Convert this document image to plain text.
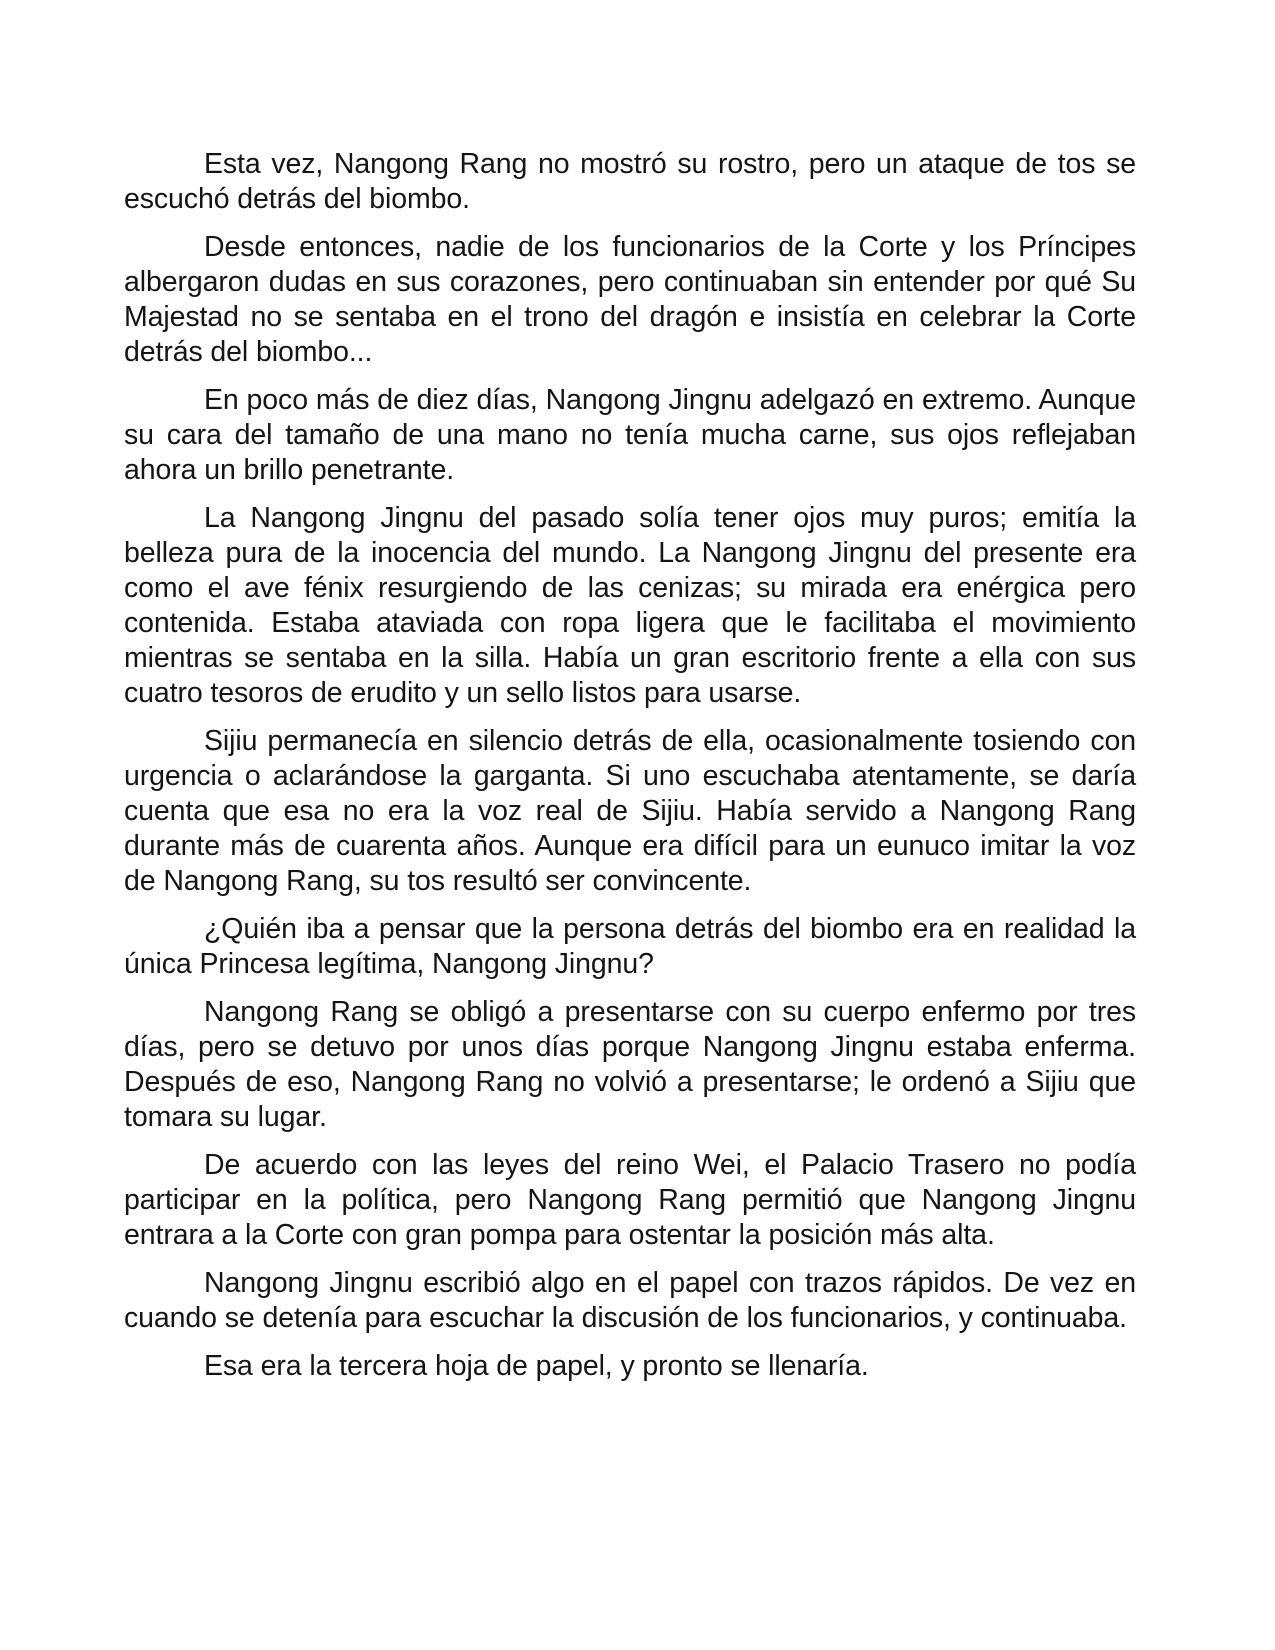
Esta vez, Nangong Rang no mostró su rostro, pero un ataque de tos se escuchó detrás del biombo.

Desde entonces, nadie de los funcionarios de la Corte y los Príncipes albergaron dudas en sus corazones, pero continuaban sin entender por qué Su Majestad no se sentaba en el trono del dragón e insistía en celebrar la Corte detrás del biombo...

En poco más de diez días, Nangong Jingnu adelgazó en extremo. Aunque su cara del tamaño de una mano no tenía mucha carne, sus ojos reflejaban ahora un brillo penetrante.

La Nangong Jingnu del pasado solía tener ojos muy puros; emitía la belleza pura de la inocencia del mundo. La Nangong Jingnu del presente era como el ave fénix resurgiendo de las cenizas; su mirada era enérgica pero contenida. Estaba ataviada con ropa ligera que le facilitaba el movimiento mientras se sentaba en la silla. Había un gran escritorio frente a ella con sus cuatro tesoros de erudito y un sello listos para usarse.

Sijiu permanecía en silencio detrás de ella, ocasionalmente tosiendo con urgencia o aclarándose la garganta. Si uno escuchaba atentamente, se daría cuenta que esa no era la voz real de Sijiu. Había servido a Nangong Rang durante más de cuarenta años. Aunque era difícil para un eunuco imitar la voz de Nangong Rang, su tos resultó ser convincente.

¿Quién iba a pensar que la persona detrás del biombo era en realidad la única Princesa legítima, Nangong Jingnu?

Nangong Rang se obligó a presentarse con su cuerpo enfermo por tres días, pero se detuvo por unos días porque Nangong Jingnu estaba enferma. Después de eso, Nangong Rang no volvió a presentarse; le ordenó a Sijiu que tomara su lugar.

De acuerdo con las leyes del reino Wei, el Palacio Trasero no podía participar en la política, pero Nangong Rang permitió que Nangong Jingnu entrara a la Corte con gran pompa para ostentar la posición más alta.

Nangong Jingnu escribió algo en el papel con trazos rápidos. De vez en cuando se detenía para escuchar la discusión de los funcionarios, y continuaba.

Esa era la tercera hoja de papel, y pronto se llenaría.
